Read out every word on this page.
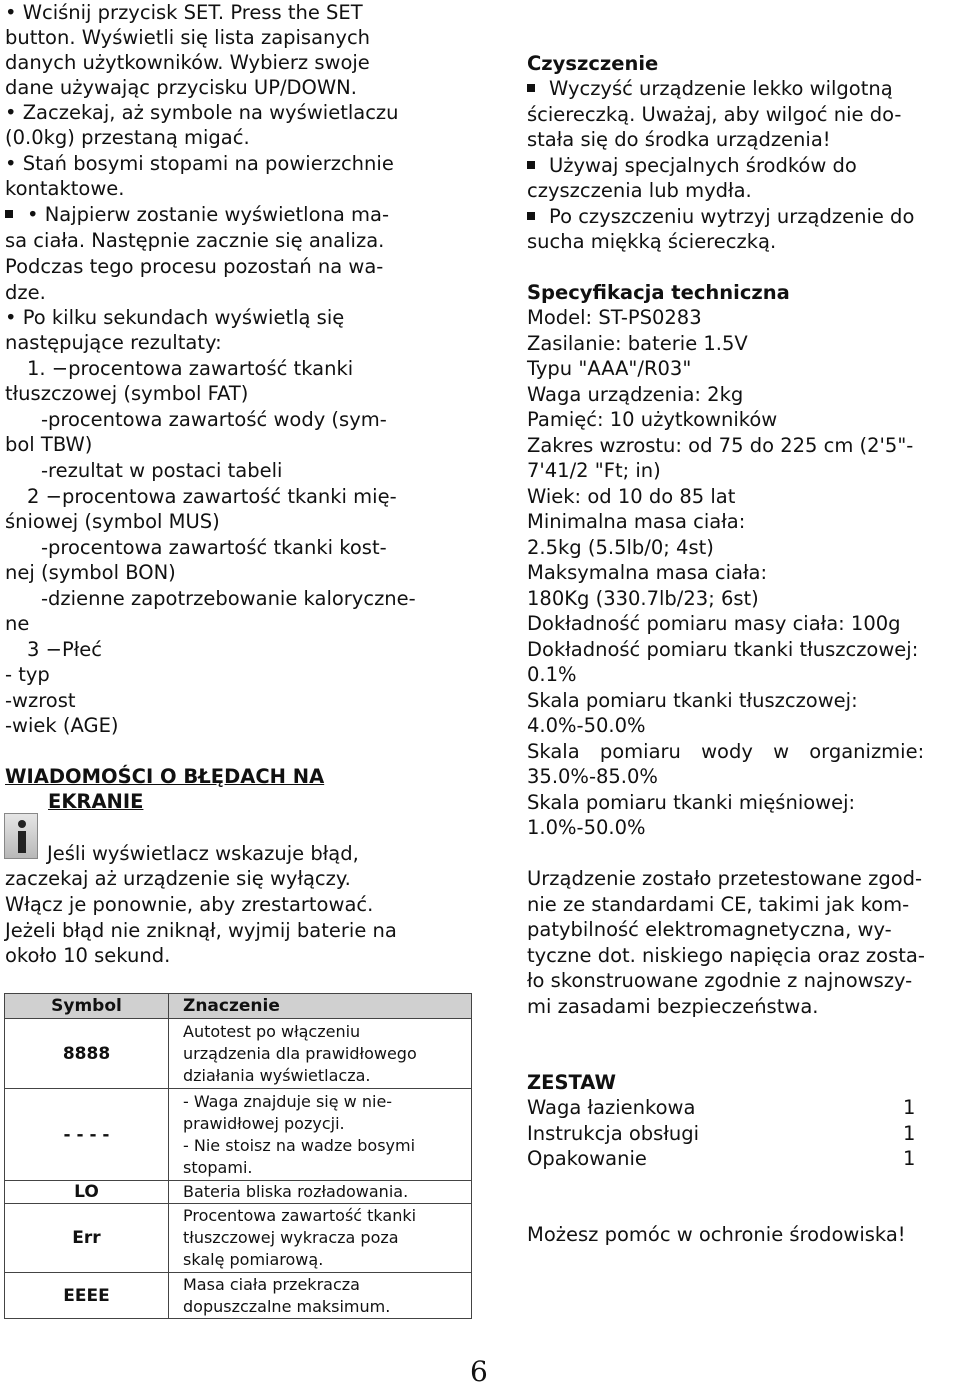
• Wciśnij przycisk SET. Press the SET
button. Wyświetli się lista zapisanych
danych użytkowników. Wybierz swoje
dane używając przycisku UP/DOWN.
• Zaczekaj, aż symbole na wyświetlaczu
(0.0kg) przestaną migać.
• Stań bosymi stopami na powierzchnie
kontaktowe.
• Najpierw zostanie wyświetlona ma-
sa ciała. Następnie zacznie się analiza.
Podczas tego procesu pozostań na wa-
dze.
• Po kilku sekundach wyświetlą się
następujące rezultaty:
1. −procentowa zawartość tkanki
tłuszczowej (symbol FAT)
-procentowa zawartość wody (sym-
bol TBW)
-rezultat w postaci tabeli
2 −procentowa zawartość tkanki mię-
śniowej (symbol MUS)
-procentowa zawartość tkanki kost-
nej (symbol BON)
-dzienne zapotrzebowanie kaloryczne-
ne
3 −Płeć
- typ
-wzrost
-wiek (AGE)
WIADOMOŚCI O BŁĘDACH NA
EKRANIE
Jeśli wyświetlacz wskazuje błąd,
zaczekaj aż urządzenie się wyłączy.
Włącz je ponownie, aby zrestartować.
Jeżeli błąd nie zniknął, wyjmij baterie na
około 10 sekund.
Symbol	Znaczenie
8888	Autotest po włączeniu
urządzenia dla prawidłowego
działania wyświetlacza.

- - - -	- Waga znajduje się w nie-
prawidłowej pozycji.
- Nie stoisz na wadze bosymi
stopami.

LO	Bateria bliska rozładowania.

Err	Procentowa zawartość tkanki
tłuszczowej wykracza poza
skalę pomiarową.

EEEE	Masa ciała przekracza
dopuszczalne maksimum.
Czyszczenie
Wyczyść urządzenie lekko wilgotną
ściereczką. Uważaj, aby wilgoć nie do-
stała się do środka urządzenia!
Używaj specjalnych środków do
czyszczenia lub mydła.
Po czyszczeniu wytrzyj urządzenie do
sucha miękką ściereczką.
Specyfikacja techniczna
Model: ST-PS0283
Zasilanie: baterie 1.5V
Typu "AAA"/R03"
Waga urządzenia: 2kg
Pamięć: 10 użytkowników
Zakres wzrostu: od 75 do 225 cm (2'5"-
7'41/2 "Ft; in)
Wiek: od 10 do 85 lat
Minimalna masa ciała:
2.5kg (5.5lb/0; 4st)
Maksymalna masa ciała:
180Kg (330.7lb/23; 6st)
Dokładność pomiaru masy ciała: 100g
Dokładność pomiaru tkanki tłuszczowej:
0.1%
Skala pomiaru tkanki tłuszczowej:
4.0%-50.0%
Skala pomiaru wody w organizmie:
35.0%-85.0%
Skala pomiaru tkanki mięśniowej:
1.0%-50.0%
Urządzenie zostało przetestowane zgod-
nie ze standardami CE, takimi jak kom-
patybilność elektromagnetyczna, wy-
tyczne dot. niskiego napięcia oraz zosta-
ło skonstruowane zgodnie z najnowszy-
mi zasadami bezpieczeństwa.
ZESTAW
Waga łazienkowa	1
Instrukcja obsługi	1
Opakowanie	1
Możesz pomóc w ochronie środowiska!
6
